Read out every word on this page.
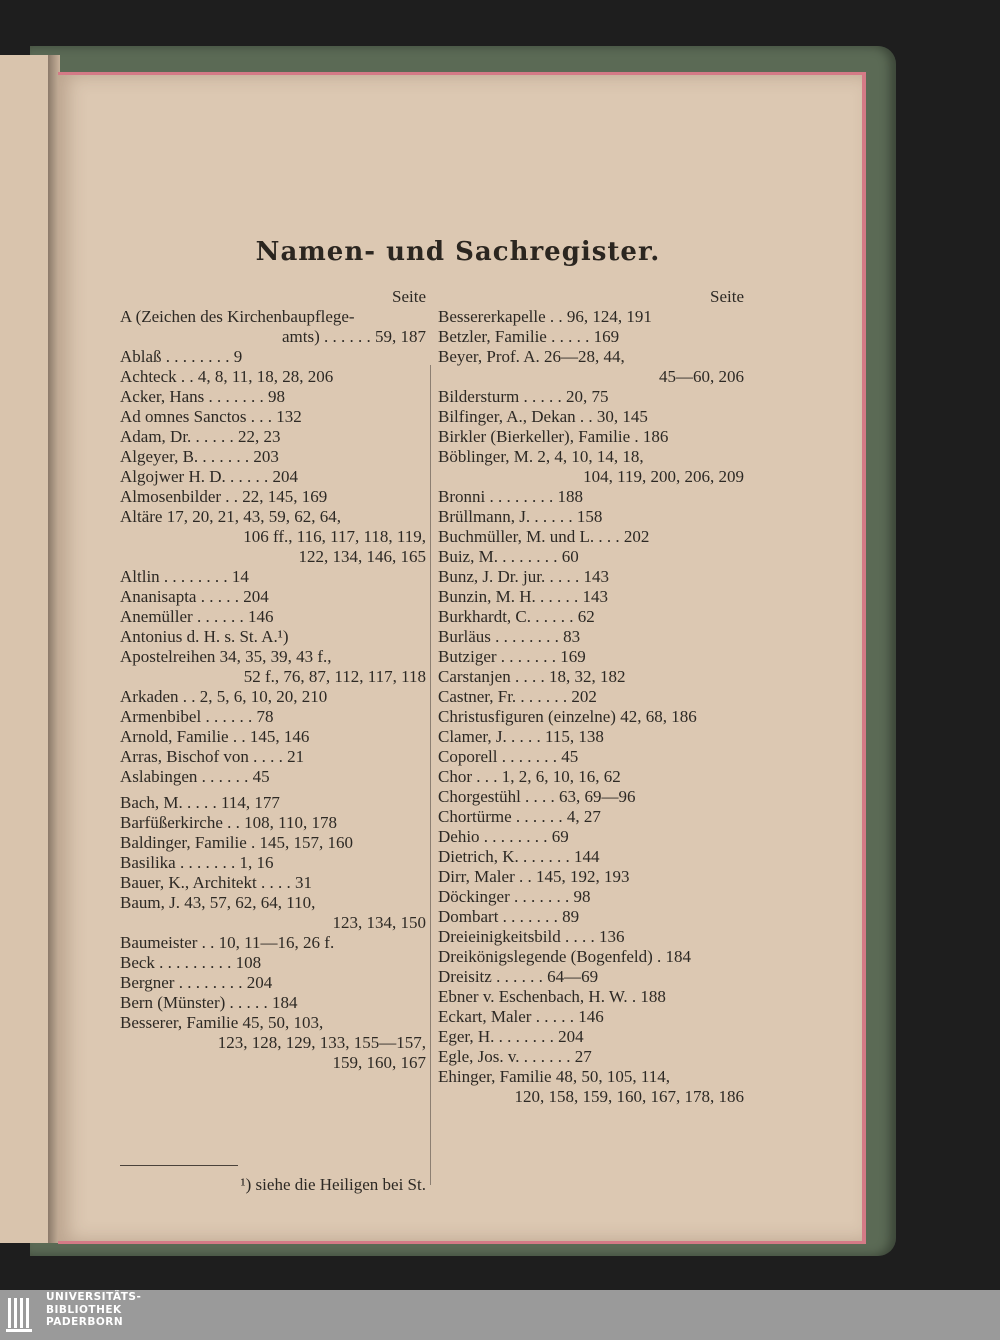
Namen- und Sachregister.
Seite
A (Zeichen des Kirchenbaupflege-
amts) . . . . . . 59, 187
Ablaß . . . . . . . . 9
Achteck . . 4, 8, 11, 18, 28, 206
Acker, Hans . . . . . . . 98
Ad omnes Sanctos . . . 132
Adam, Dr. . . . . . 22, 23
Algeyer, B. . . . . . . 203
Algojwer H. D. . . . . . 204
Almosenbilder . . 22, 145, 169
Altäre 17, 20, 21, 43, 59, 62, 64,
106 ff., 116, 117, 118, 119,
122, 134, 146, 165
Altlin . . . . . . . . 14
Ananisapta . . . . . 204
Anemüller . . . . . . 146
Antonius d. H. s. St. A.¹)
Apostelreihen 34, 35, 39, 43 f.,
52 f., 76, 87, 112, 117, 118
Arkaden . . 2, 5, 6, 10, 20, 210
Armenbibel . . . . . . 78
Arnold, Familie . . 145, 146
Arras, Bischof von . . . . 21
Aslabingen . . . . . . 45
Bach, M. . . . . 114, 177
Barfüßerkirche . . 108, 110, 178
Baldinger, Familie . 145, 157, 160
Basilika . . . . . . . 1, 16
Bauer, K., Architekt . . . . 31
Baum, J. 43, 57, 62, 64, 110,
123, 134, 150
Baumeister . . 10, 11—16, 26 f.
Beck . . . . . . . . . 108
Bergner . . . . . . . . 204
Bern (Münster) . . . . . 184
Besserer, Familie 45, 50, 103,
123, 128, 129, 133, 155—157,
159, 160, 167
Seite
Bessererkapelle . . 96, 124, 191
Betzler, Familie . . . . . 169
Beyer, Prof. A. 26—28, 44,
45—60, 206
Bildersturm . . . . . 20, 75
Bilfinger, A., Dekan . . 30, 145
Birkler (Bierkeller), Familie . 186
Böblinger, M. 2, 4, 10, 14, 18,
104, 119, 200, 206, 209
Bronni . . . . . . . . 188
Brüllmann, J. . . . . . 158
Buchmüller, M. und L. . . . 202
Buiz, M. . . . . . . . 60
Bunz, J. Dr. jur. . . . . 143
Bunzin, M. H. . . . . . 143
Burkhardt, C. . . . . . 62
Burläus . . . . . . . . 83
Butziger . . . . . . . 169
Carstanjen . . . . 18, 32, 182
Castner, Fr. . . . . . . 202
Christusfiguren (einzelne) 42, 68, 186
Clamer, J. . . . . 115, 138
Coporell . . . . . . . 45
Chor . . . 1, 2, 6, 10, 16, 62
Chorgestühl . . . . 63, 69—96
Chortürme . . . . . . 4, 27
Dehio . . . . . . . . 69
Dietrich, K. . . . . . . 144
Dirr, Maler . . 145, 192, 193
Döckinger . . . . . . . 98
Dombart . . . . . . . 89
Dreieinigkeitsbild . . . . 136
Dreikönigslegende (Bogenfeld) . 184
Dreisitz . . . . . . 64—69
Ebner v. Eschenbach, H. W. . 188
Eckart, Maler . . . . . 146
Eger, H. . . . . . . . 204
Egle, Jos. v. . . . . . . 27
Ehinger, Familie 48, 50, 105, 114,
120, 158, 159, 160, 167, 178, 186
¹) siehe die Heiligen bei St.
UNIVERSITÄTS-
BIBLIOTHEK
PADERBORN
